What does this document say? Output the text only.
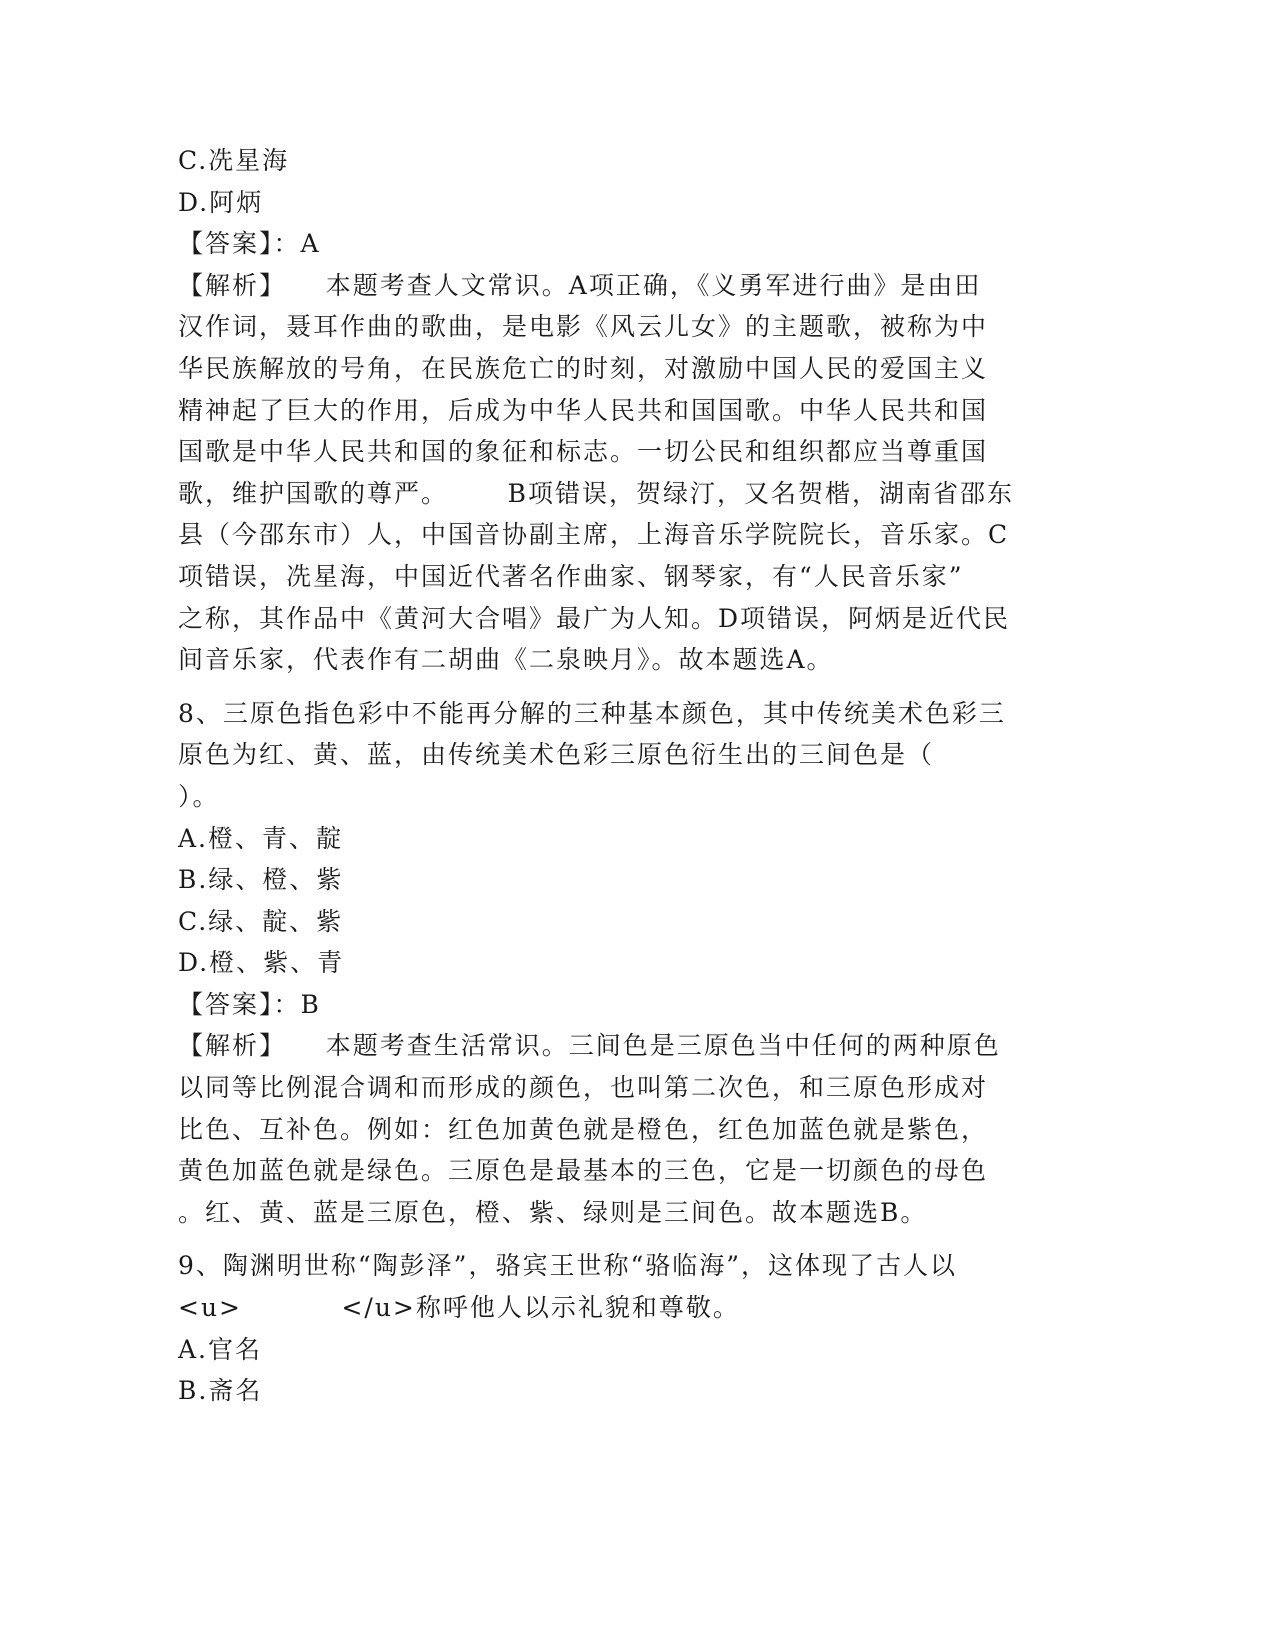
C.冼星海
D.阿炳
【答案】：A
【解析】    本题考查人文常识。A项正确，《义勇军进行曲》是由田
汉作词，聂耳作曲的歌曲，是电影《风云儿女》的主题歌，被称为中
华民族解放的号角，在民族危亡的时刻，对激励中国人民的爱国主义
精神起了巨大的作用，后成为中华人民共和国国歌。中华人民共和国
国歌是中华人民共和国的象征和标志。一切公民和组织都应当尊重国
歌，维护国歌的尊严。      B项错误，贺绿汀，又名贺楷，湖南省邵东
县（今邵东市）人，中国音协副主席，上海音乐学院院长，音乐家。C
项错误，冼星海，中国近代著名作曲家、钢琴家，有“人民音乐家”
之称，其作品中《黄河大合唱》最广为人知。D项错误，阿炳是近代民
间音乐家，代表作有二胡曲《二泉映月》。故本题选A。
8、三原色指色彩中不能再分解的三种基本颜色，其中传统美术色彩三
原色为红、黄、蓝，由传统美术色彩三原色衍生出的三间色是（
）。
A.橙、青、靛
B.绿、橙、紫
C.绿、靛、紫
D.橙、紫、青
【答案】：B
【解析】    本题考查生活常识。三间色是三原色当中任何的两种原色
以同等比例混合调和而形成的颜色，也叫第二次色，和三原色形成对
比色、互补色。例如：红色加黄色就是橙色，红色加蓝色就是紫色，
黄色加蓝色就是绿色。三原色是最基本的三色，它是一切颜色的母色
。红、黄、蓝是三原色，橙、紫、绿则是三间色。故本题选B。
9、陶渊明世称“陶彭泽”，骆宾王世称“骆临海”，这体现了古人以
<u>          </u>称呼他人以示礼貌和尊敬。
A.官名
B.斋名
